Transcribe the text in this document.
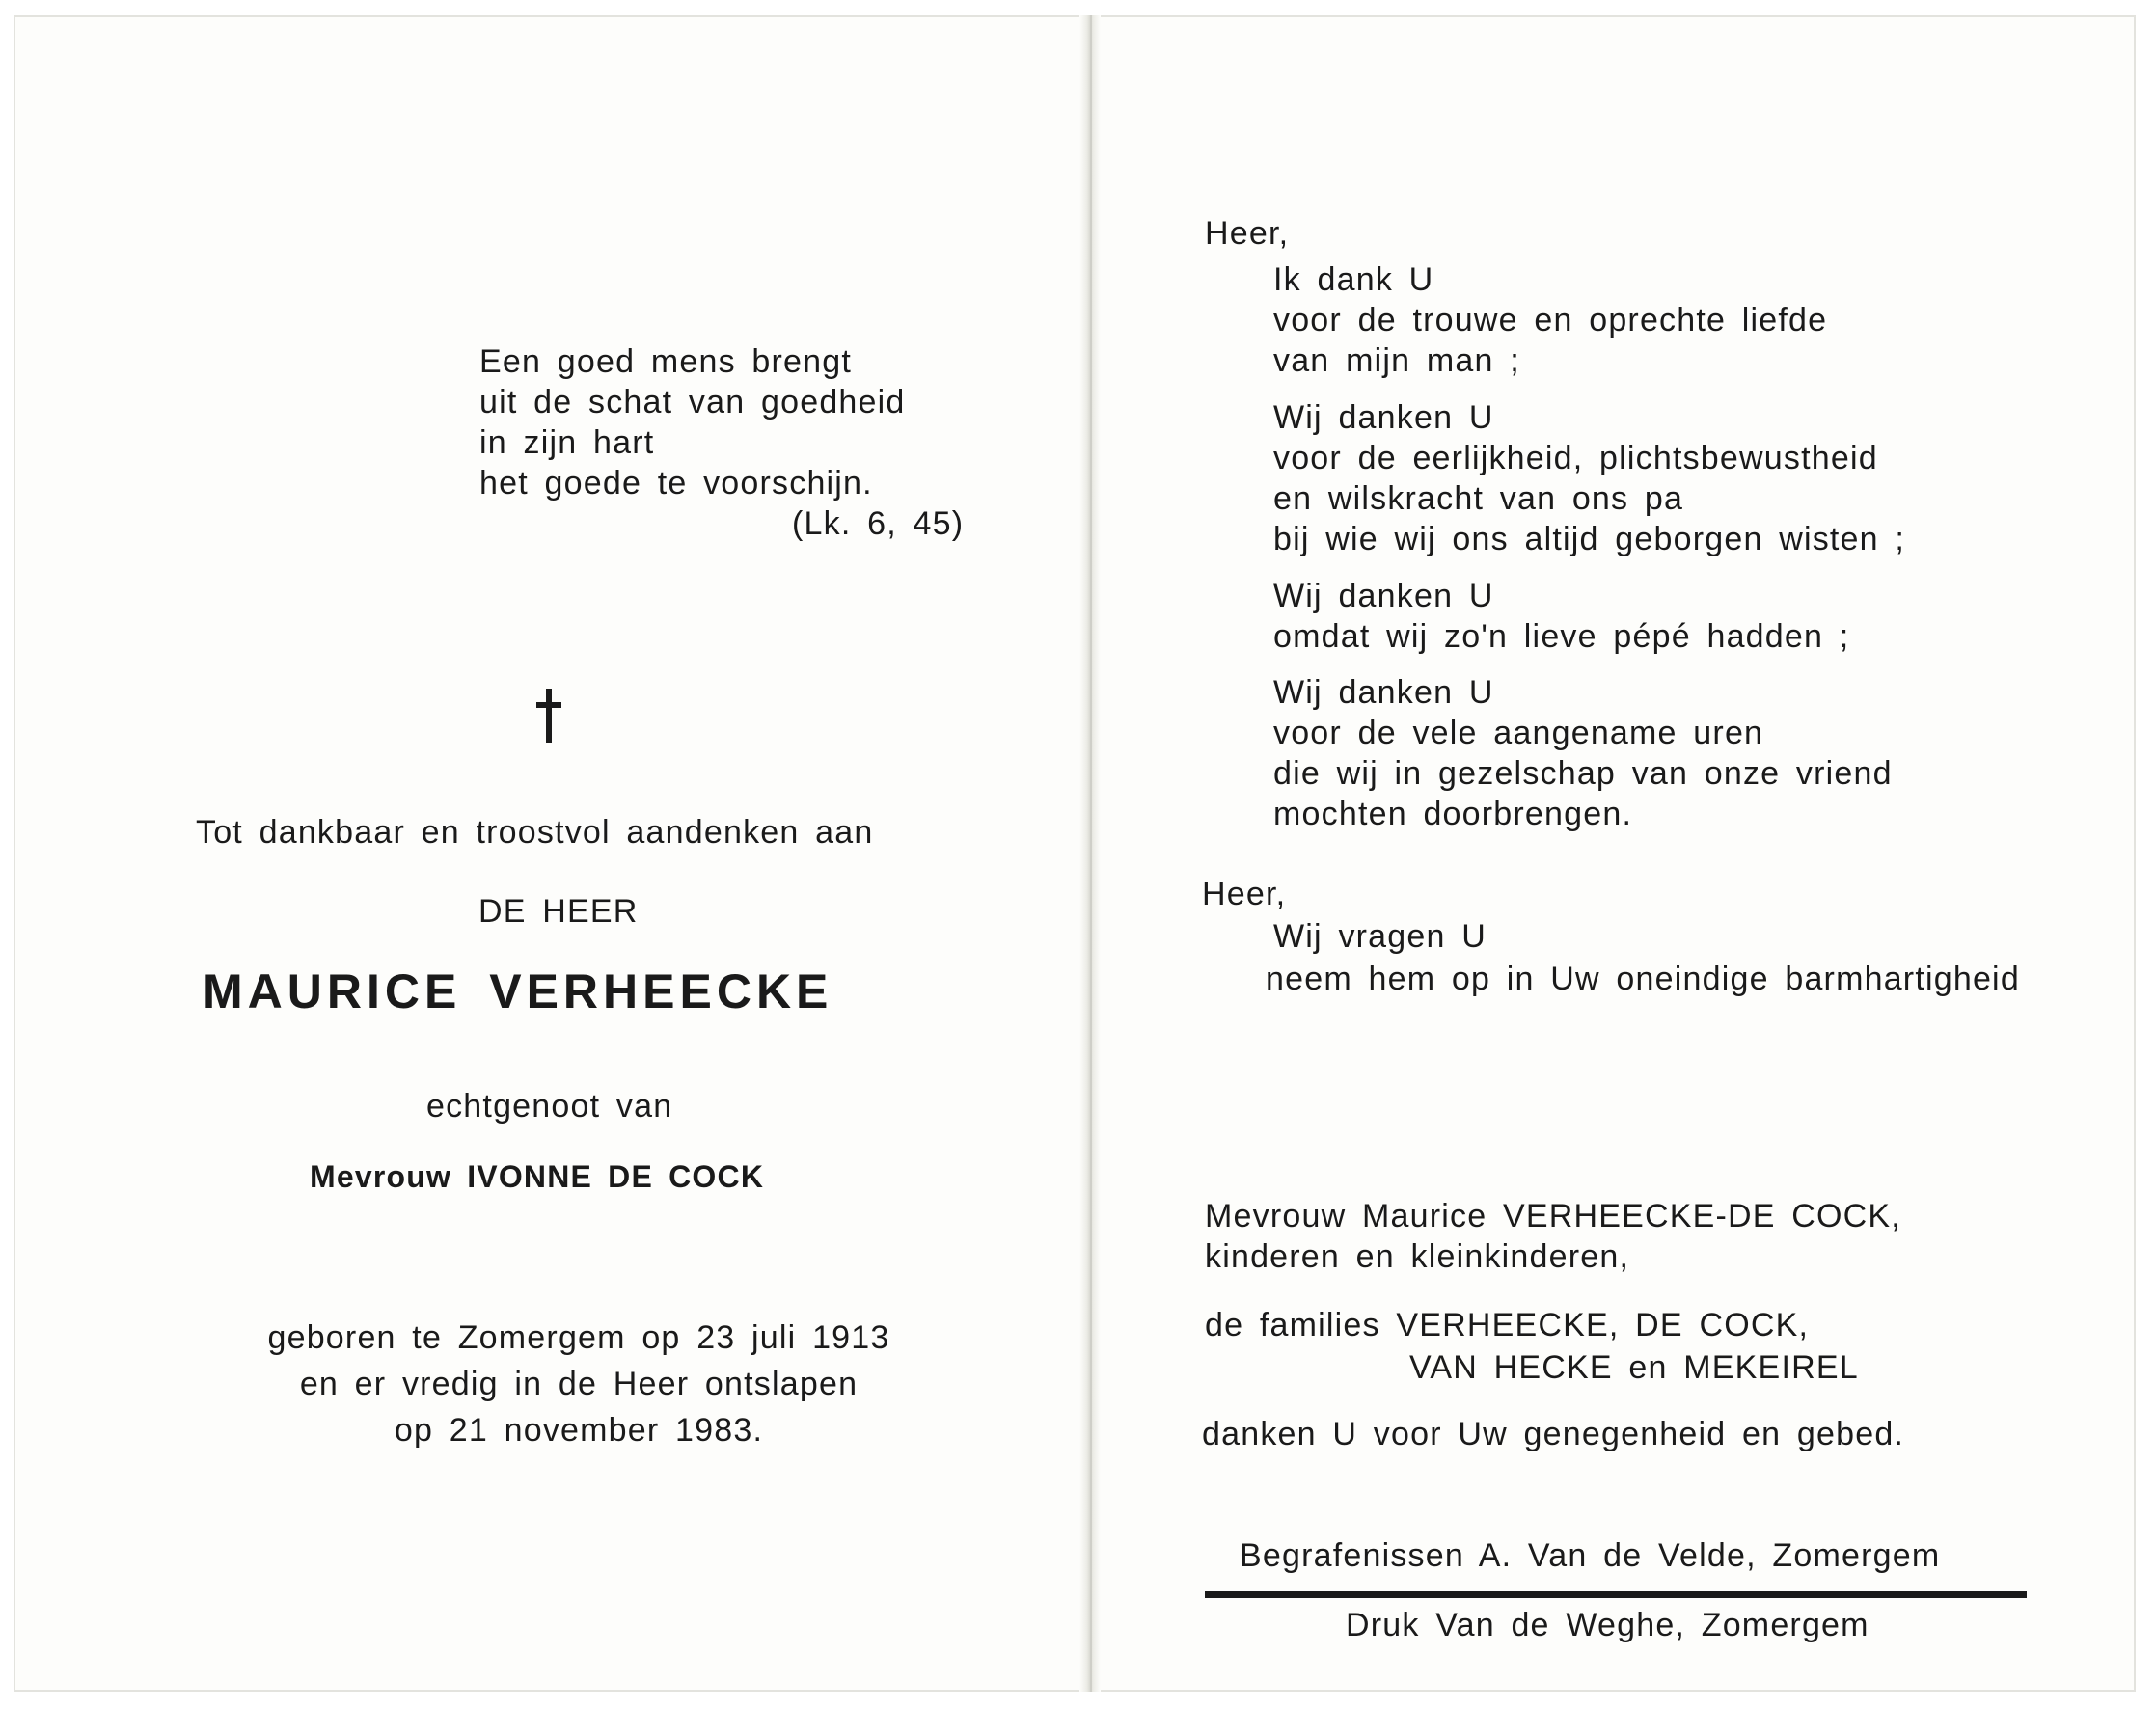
Een goed mens brengt
uit de schat van goedheid
in zijn hart
het goede te voorschijn.
(Lk. 6, 45)
Tot dankbaar en troostvol aandenken aan
DE HEER
MAURICE VERHEECKE
echtgenoot van
Mevrouw IVONNE DE COCK
geboren te Zomergem op 23 juli 1913
en er vredig in de Heer ontslapen
op 21 november 1983.
Heer,
Ik dank U
voor de trouwe en oprechte liefde
van mijn man ;
Wij danken U
voor de eerlijkheid, plichtsbewustheid
en wilskracht van ons pa
bij wie wij ons altijd geborgen wisten ;
Wij danken U
omdat wij zo'n lieve pépé hadden ;
Wij danken U
voor de vele aangename uren
die wij in gezelschap van onze vriend
mochten doorbrengen.
Heer,
Wij vragen U
neem hem op in Uw oneindige barmhartigheid
Mevrouw Maurice VERHEECKE-DE COCK,
kinderen en kleinkinderen,
de families VERHEECKE, DE COCK,
VAN HECKE en MEKEIREL
danken U voor Uw genegenheid en gebed.
Begrafenissen A. Van de Velde, Zomergem
Druk Van de Weghe, Zomergem
